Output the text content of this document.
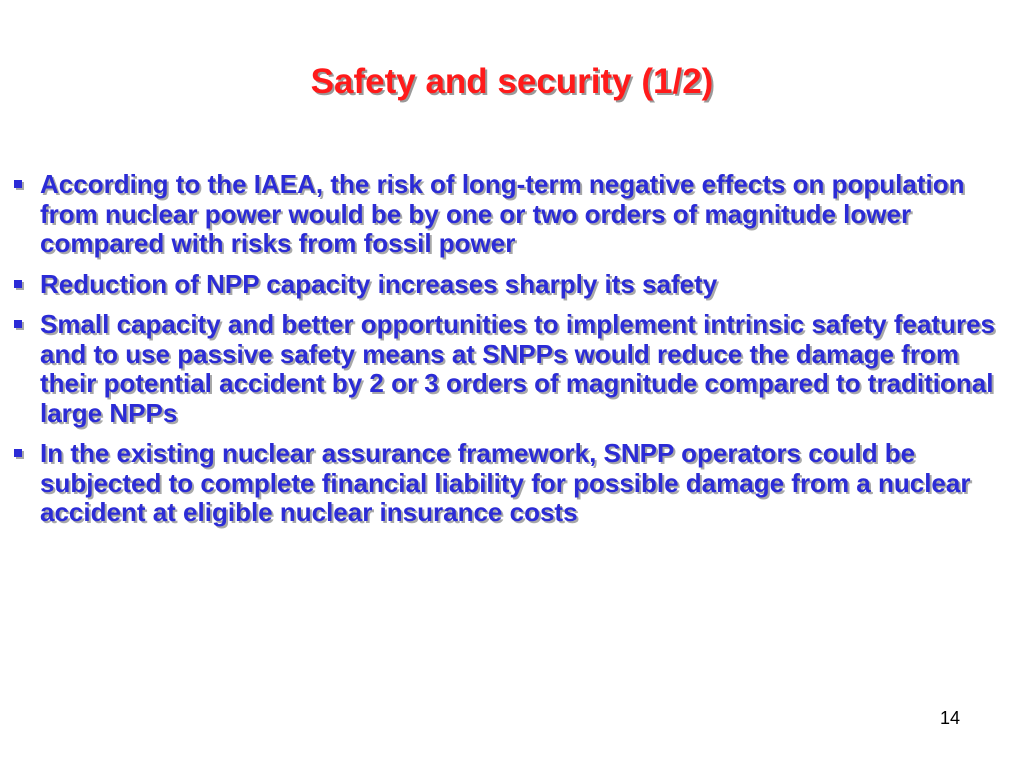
Safety and security (1/2)
According to the IAEA, the risk of long-term negative effects on population from nuclear power would be by one or two orders of magnitude lower compared with risks from fossil power
Reduction of NPP capacity increases sharply its safety
Small capacity and better opportunities to implement intrinsic safety features and to use passive safety means at SNPPs would reduce the damage from their potential accident by 2 or 3 orders of magnitude compared to traditional large NPPs
In the existing nuclear assurance framework, SNPP operators could be subjected to complete financial liability for possible damage from a nuclear accident at eligible nuclear insurance costs
14
